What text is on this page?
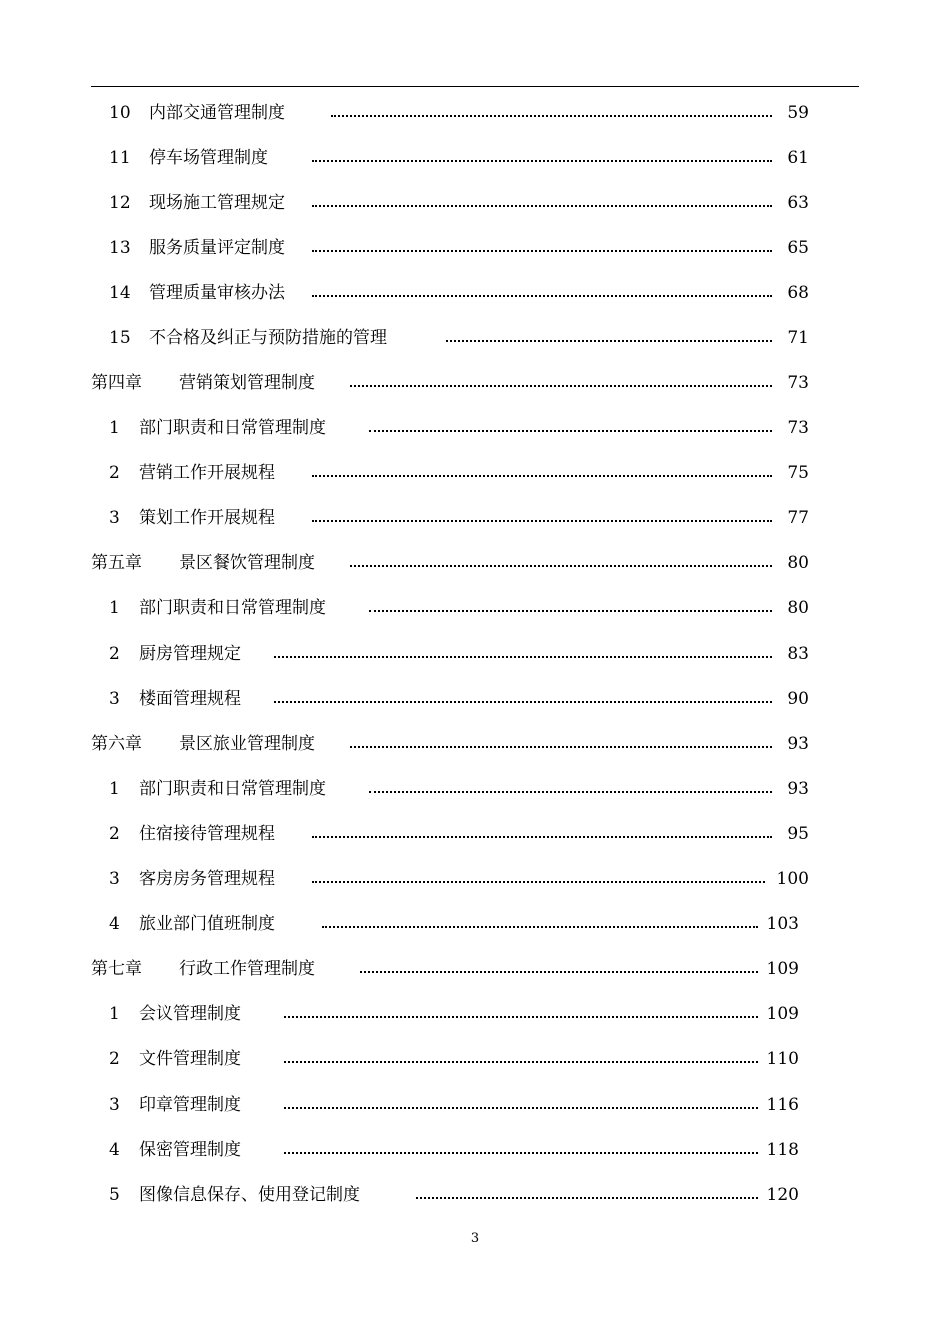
10 内部交通管理制度	59
11 停车场管理制度	61
12 现场施工管理规定	63
13 服务质量评定制度	65
14 管理质量审核办法	68
15 不合格及纠正与预防措施的管理	71
第四章 营销策划管理制度	73
1 部门职责和日常管理制度	73
2 营销工作开展规程	75
3 策划工作开展规程	77
第五章 景区餐饮管理制度	80
1 部门职责和日常管理制度	80
2 厨房管理规定	83
3 楼面管理规程	90
第六章 景区旅业管理制度	93
1 部门职责和日常管理制度	93
2 住宿接待管理规程	95
3 客房房务管理规程	100
4 旅业部门值班制度	103
第七章 行政工作管理制度	109
1 会议管理制度	109
2 文件管理制度	110
3 印章管理制度	116
4 保密管理制度	118
5 图像信息保存、使用登记制度	120
3
